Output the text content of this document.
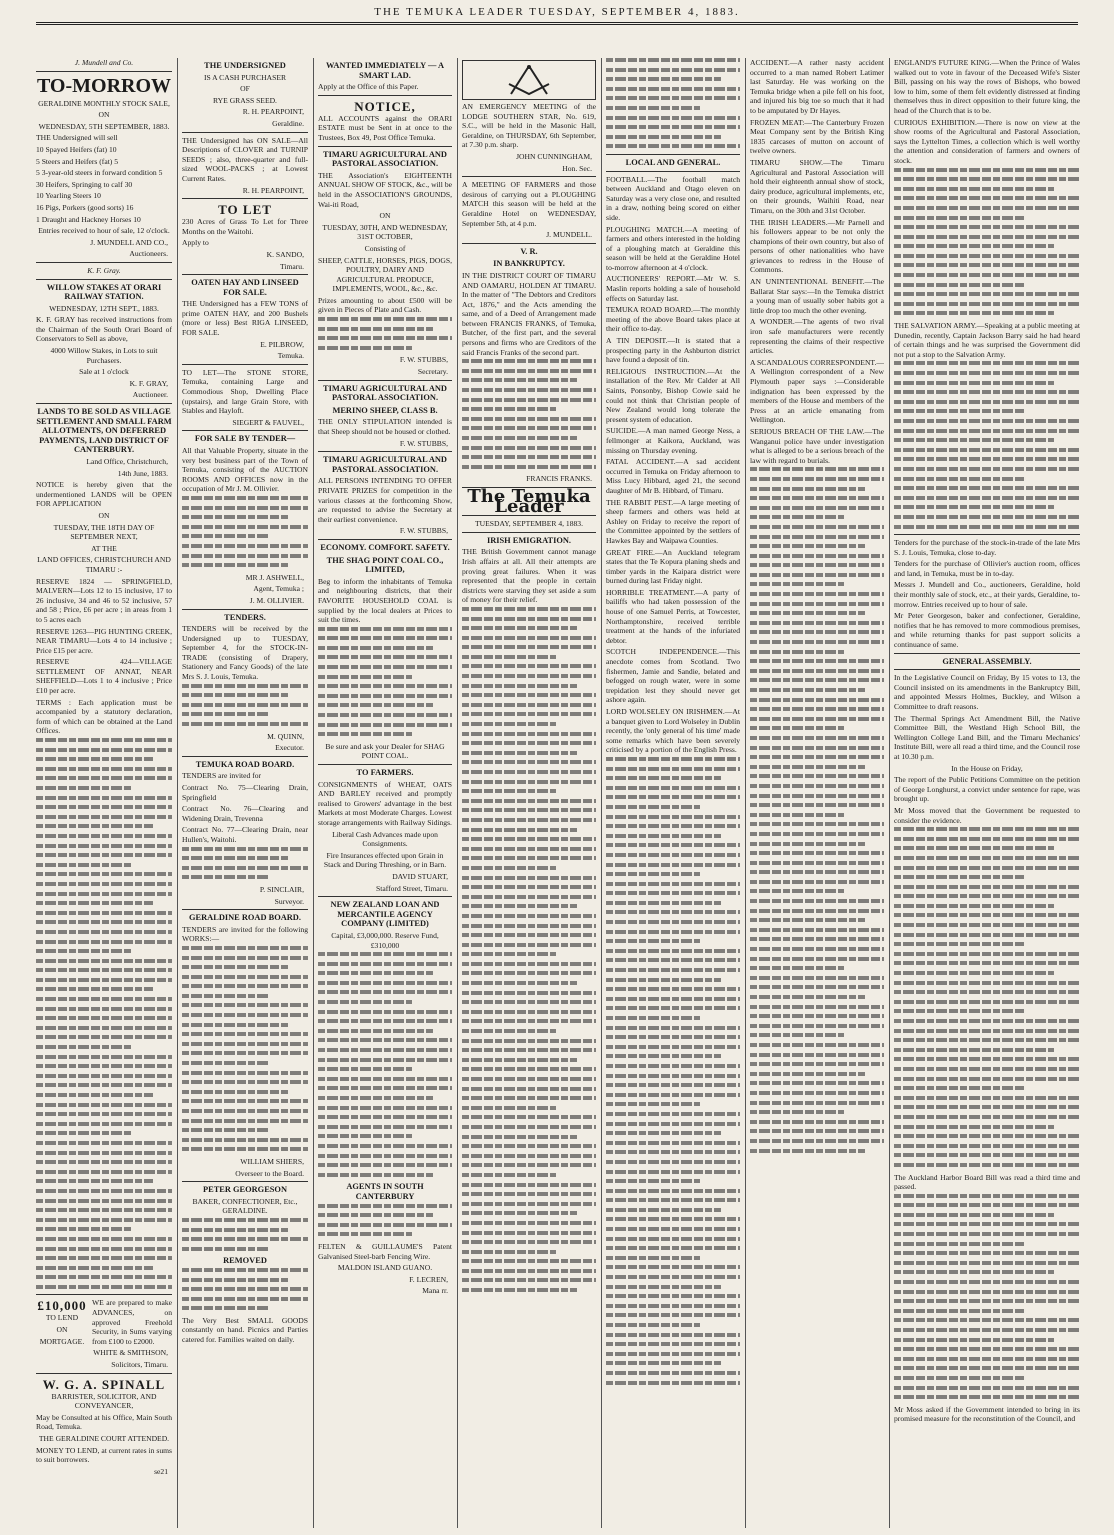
THE TEMUKA LEADER TUESDAY, SEPTEMBER 4, 1883.

J. Mundell and Co.

TO-MORROW

GERALDINE MONTHLY STOCK SALE,

ON

WEDNESDAY, 5TH SEPTEMBER, 1883.

THE Undersigned will sell

10 Spayed Heifers (fat) 10

5 Steers and Heifers (fat) 5

5 3-year-old steers in forward condition 5

30 Heifers, Springing to calf 30

10 Yearling Steers 10

16 Pigs, Porkers (good sorts) 16

1 Draught and Hackney Horses 10

Entries received to hour of sale, 12 o'clock.

J. MUNDELL AND CO.,

Auctioneers.

K. F. Gray.

WILLOW STAKES AT ORARI RAILWAY STATION.

WEDNESDAY, 12TH SEPT., 1883.

K. F. GRAY has received instructions from the Chairman of the South Orari Board of Conservators to Sell as above,

4000 Willow Stakes, in Lots to suit Purchasers.

Sale at 1 o'clock

K. F. GRAY,

Auctioneer.

LANDS TO BE SOLD AS VILLAGE SETTLEMENT AND SMALL FARM ALLOTMENTS, ON DEFERRED PAYMENTS, LAND DISTRICT OF CANTERBURY.

Land Office, Christchurch,

14th June, 1883.

NOTICE is hereby given that the undermentioned LANDS will be OPEN FOR APPLICATION

ON

TUESDAY, THE 18TH DAY OF SEPTEMBER NEXT,

AT THE

LAND OFFICES, CHRISTCHURCH AND TIMARU :-

RESERVE 1824 — SPRINGFIELD, MALVERN—Lots 12 to 15 inclusive, 17 to 26 inclusive, 34 and 46 to 52 inclusive, 57 and 58 ; Price, £6 per acre ; in areas from 1 to 5 acres each

RESERVE 1263—PIG HUNTING CREEK, NEAR TIMARU—Lots 4 to 14 inclusive ; Price £15 per acre.

RESERVE 424—VILLAGE SETTLEMENT OF ANNAT, NEAR SHEFFIELD—Lots 1 to 4 inclusive ; Price £10 per acre.

TERMS : Each application must be accompanied by a statutory declaration, form of which can be obtained at the Land Offices.

£10,000

TO LEND

ON

MORTGAGE.

WE are prepared to make ADVANCES, on approved Freehold Security, in Sums varying from £100 to £2000.

WHITE & SMITHSON,

Solicitors, Timaru.

W. G. A. SPINALL

BARRISTER, SOLICITOR, AND CONVEYANCER,

May be Consulted at his Office, Main South Road, Temuka.

THE GERALDINE COURT ATTENDED.

MONEY TO LEND, at current rates in sums to suit borrowers.

se21

THE UNDERSIGNED

IS A CASH PURCHASER

OF

RYE GRASS SEED.

R. H. PEARPOINT,

Geraldine.

THE Undersigned has ON SALE—All Descriptions of CLOVER and TURNIP SEEDS ; also, three-quarter and full-sized WOOL-PACKS ; at Lowest Current Rates.

R. H. PEARPOINT,

TO LET

230 Acres of Grass To Let for Three Months on the Waitohi.

Apply to

K. SANDO,

Timaru.

OATEN HAY AND LINSEED FOR SALE.

THE Undersigned has a FEW TONS of prime OATEN HAY, and 200 Bushels (more or less) Best RIGA LINSEED, FOR SALE.

E. PILBROW,

Temuka.

TO LET—The STONE STORE, Temuka, containing Large and Commodious Shop, Dwelling Place (upstairs), and large Grain Store, with Stables and Hayloft.

SIEGERT & FAUVEL,

FOR SALE BY TENDER—

All that Valuable Property, situate in the very best business part of the Town of Temuka, consisting of the AUCTION ROOMS AND OFFICES now in the occupation of Mr J. M. Ollivier.

MR J. ASHWELL,

Agent, Temuka ;

J. M. OLLIVIER.

TENDERS.

TENDERS will be received by the Undersigned up to TUESDAY, September 4, for the STOCK-IN-TRADE (consisting of Drapery, Stationery and Fancy Goods) of the late Mrs S. J. Louis, Temuka.

M. QUINN,

Executor.

TEMUKA ROAD BOARD.

TENDERS are invited for

Contract No. 75—Clearing Drain, Springfield

Contract No. 76—Clearing and Widening Drain, Trevenna

Contract No. 77—Clearing Drain, near Hullen's, Waitohi.

P. SINCLAIR,

Surveyor.

GERALDINE ROAD BOARD.

TENDERS are invited for the following WORKS:—

WILLIAM SHIERS,

Overseer to the Board.

PETER GEORGESON

BAKER, CONFECTIONER, Etc., GERALDINE.

REMOVED

The Very Best SMALL GOODS constantly on hand. Picnics and Parties catered for. Families waited on daily.

WANTED IMMEDIATELY — A SMART LAD.

Apply at the Office of this Paper.

NOTICE,

ALL ACCOUNTS against the ORARI ESTATE must be Sent in at once to the Trustees, Box 49, Post Office Temuka.

TIMARU AGRICULTURAL AND PASTORAL ASSOCIATION.

THE Association's EIGHTEENTH ANNUAL SHOW OF STOCK, &c., will be held in the ASSOCIATION'S GROUNDS, Wai-iti Road,

ON

TUESDAY, 30TH, AND WEDNESDAY, 31ST OCTOBER,

Consisting of

SHEEP, CATTLE, HORSES, PIGS, DOGS, POULTRY, DAIRY AND AGRICULTURAL PRODUCE, IMPLEMENTS, WOOL, &c., &c.

Prizes amounting to about £500 will be given in Pieces of Plate and Cash.

F. W. STUBBS,

Secretary.

TIMARU AGRICULTURAL AND PASTORAL ASSOCIATION.
MERINO SHEEP, CLASS B.

THE ONLY STIPULATION intended is that Sheep should not be housed or clothed.

F. W. STUBBS,

TIMARU AGRICULTURAL AND PASTORAL ASSOCIATION.

ALL PERSONS INTENDING TO OFFER PRIVATE PRIZES for competition in the various classes at the forthcoming Show, are requested to advise the Secretary at their earliest convenience.

F. W. STUBBS,

ECONOMY. COMFORT. SAFETY.
THE SHAG POINT COAL CO., LIMITED,

Beg to inform the inhabitants of Temuka and neighbouring districts, that their FAVORITE HOUSEHOLD COAL is supplied by the local dealers at Prices to suit the times.

Be sure and ask your Dealer for SHAG POINT COAL.

TO FARMERS.

CONSIGNMENTS of WHEAT, OATS AND BARLEY received and promptly realised to Growers' advantage in the best Markets at most Moderate Charges. Lowest storage arrangements with Railway Sidings.

Liberal Cash Advances made upon Consignments.

Fire Insurances effected upon Grain in Stack and During Threshing, or in Barn.

DAVID STUART,

Stafford Street, Timaru.

NEW ZEALAND LOAN AND MERCANTILE AGENCY COMPANY (LIMITED)

Capital, £3,000,000. Reserve Fund, £310,000

AGENTS IN SOUTH CANTERBURY

FELTEN & GUILLAUME'S Patent Galvanised Steel-barb Fencing Wire.

MALDON ISLAND GUANO.

F. LECREN,

Mana rr.

AN EMERGENCY MEETING of the LODGE SOUTHERN STAR, No. 619, S.C., will be held in the Masonic Hall, Geraldine, on THURSDAY, 6th September, at 7.30 p.m. sharp.

JOHN CUNNINGHAM,

Hon. Sec.

A MEETING OF FARMERS and those desirous of carrying out a PLOUGHING MATCH this season will be held at the Geraldine Hotel on WEDNESDAY, September 5th, at 4 p.m.

J. MUNDELL.

V. R.
IN BANKRUPTCY.

IN THE DISTRICT COURT OF TIMARU AND OAMARU, HOLDEN AT TIMARU. In the matter of "The Debtors and Creditors Act, 1876," and the Acts amending the same, and of a Deed of Arrangement made between FRANCIS FRANKS, of Temuka, Butcher, of the first part, and the several persons and firms who are Creditors of the said Francis Franks of the second part.

FRANCIS FRANKS.

The Temuka Leader

TUESDAY, SEPTEMBER 4, 1883.

IRISH EMIGRATION.

THE British Government cannot manage Irish affairs at all. All their attempts are proving great failures. When it was represented that the people in certain districts were starving they set aside a sum of money for their relief.

LOCAL AND GENERAL.

FOOTBALL.—The football match between Auckland and Otago eleven on Saturday was a very close one, and resulted in a draw, nothing being scored on either side.

PLOUGHING MATCH.—A meeting of farmers and others interested in the holding of a ploughing match at Geraldine this season will be held at the Geraldine Hotel to-morrow afternoon at 4 o'clock.

AUCTIONEERS' REPORT.—Mr W. S. Maslin reports holding a sale of household effects on Saturday last.

TEMUKA ROAD BOARD.—The monthly meeting of the above Board takes place at their office to-day.

A TIN DEPOSIT.—It is stated that a prospecting party in the Ashburton district have found a deposit of tin.

RELIGIOUS INSTRUCTION.—At the installation of the Rev. Mr Calder at All Saints, Ponsonby, Bishop Cowie said he could not think that Christian people of New Zealand would long tolerate the present system of education.

SUICIDE.—A man named George Ness, a fellmonger at Kaikora, Auckland, was missing on Thursday evening.

FATAL ACCIDENT.—A sad accident occurred in Temuka on Friday afternoon to Miss Lucy Hibbard, aged 21, the second daughter of Mr B. Hibbard, of Timaru.

THE RABBIT PEST.—A large meeting of sheep farmers and others was held at Ashley on Friday to receive the report of the Committee appointed by the settlers of Hawkes Bay and Waipawa Counties.

GREAT FIRE.—An Auckland telegram states that the Te Kopura planing sheds and timber yards in the Kaipara district were burned during last Friday night.

HORRIBLE TREATMENT.—A party of bailiffs who had taken possession of the house of one Samuel Perris, at Towcester, Northamptonshire, received terrible treatment at the hands of the infuriated debtor.

SCOTCH INDEPENDENCE.—This anecdote comes from Scotland. Two fishermen, Jamie and Sandie, belated and befogged on rough water, were in some trepidation lest they should never get ashore again.

LORD WOLSELEY ON IRISHMEN.—At a banquet given to Lord Wolseley in Dublin recently, the 'only general of his time' made some remarks which have been severely criticised by a portion of the English Press.

ACCIDENT.—A rather nasty accident occurred to a man named Robert Latimer last Saturday. He was working on the Temuka bridge when a pile fell on his foot, and injured his big toe so much that it had to be amputated by Dr Hayes.

FROZEN MEAT:—The Canterbury Frozen Meat Company sent by the British King 1835 carcases of mutton on account of twelve owners.

TIMARU SHOW.—The Timaru Agricultural and Pastoral Association will hold their eighteenth annual show of stock, dairy produce, agricultural implements, etc, on their grounds, Waihiti Road, near Timaru, on the 30th and 31st October.

THE IRISH LEADERS.—Mr Parnell and his followers appear to be not only the champions of their own country, but also of persons of other nationalities who have grievances to redress in the House of Commons.

AN UNINTENTIONAL BENEFIT.—The Ballarat Star says:—In the Temuka district a young man of usually sober habits got a little drop too much the other evening.

A WONDER.—The agents of two rival iron safe manufacturers were recently representing the claims of their respective articles.

A SCANDALOUS CORRESPONDENT.—A Wellington correspondent of a New Plymouth paper says :—Considerable indignation has been expressed by the members of the House and members of the Press at an article emanating from Wellington.

SERIOUS BREACH OF THE LAW.—The Wanganui police have under investigation what is alleged to be a serious breach of the law with regard to burials.

ENGLAND'S FUTURE KING.—When the Prince of Wales walked out to vote in favour of the Deceased Wife's Sister Bill, passing on his way the rows of Bishops, who bowed low to him, some of them felt evidently distressed at finding themselves thus in direct opposition to their future king, the head of the Church that is to be.

CURIOUS EXHIBITION.—There is now on view at the show rooms of the Agricultural and Pastoral Association, says the Lyttelton Times, a collection which is well worthy the attention and consideration of farmers and owners of stock.

THE SALVATION ARMY.—Speaking at a public meeting at Dunedin, recently, Captain Jackson Barry said he had heard of certain things and he was surprised the Government did not put a stop to the Salvation Army.

Tenders for the purchase of the stock-in-trade of the late Mrs S. J. Louis, Temuka, close to-day.

Tenders for the purchase of Ollivier's auction room, offices and land, in Temuka, must be in to-day.

Messrs J. Mundell and Co., auctioneers, Geraldine, hold their monthly sale of stock, etc., at their yards, Geraldine, to-morrow. Entries received up to hour of sale.

Mr Peter Georgeson, baker and confectioner, Geraldine, notifies that he has removed to more commodious premises, and while returning thanks for past support solicits a continuance of same.

GENERAL ASSEMBLY.

In the Legislative Council on Friday, By 15 votes to 13, the Council insisted on its amendments in the Bankruptcy Bill, and appointed Messrs Holmes, Buckley, and Wilson a Committee to draft reasons.

The Thermal Springs Act Amendment Bill, the Native Committee Bill, the Westland High School Bill, the Wellington College Land Bill, and the Timaru Mechanics' Institute Bill, were all read a third time, and the Council rose at 10.30 p.m.

In the House on Friday,

The report of the Public Petitions Committee on the petition of George Longhurst, a convict under sentence for rape, was brought up.

Mr Moss moved that the Government be requested to consider the evidence.

The Auckland Harbor Board Bill was read a third time and passed.

Mr Moss asked if the Government intended to bring in its promised measure for the reconstitution of the Council, and
